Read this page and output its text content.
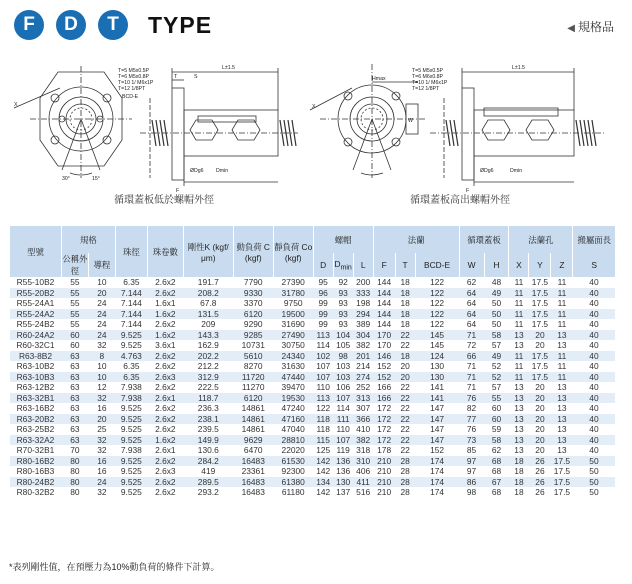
F	D	T	TYPE	◀ 規格品
T=5 M5x0.5P
T=6 M5x0.8P
T=10 1/ M6x1P
T=12 1/8PT
BCD-E
L±1.5
T	S
F
ØDg6 Dmin
X
30°	15°
T=5 M5x0.5P
T=6 M6x0.8P
T=10 1/ M6x1P
T=12 1/8PT
L±1.5
Hmax
W
ØDg6	Dmin
F
X
循環蓋板低於螺帽外徑	循環蓋板高出螺帽外徑
型號	規格		珠徑	珠卷數	剛性K (kgf/μm)	動負荷 C (kgf)	靜負荷 Co (kgf)	螺帽			法蘭			循環蓋板		法蘭孔			搬屬面長
	公稱外徑	導程						D	$D_{min}$	L	F	T	BCD-E	W	H	X	Y	Z	S
R55-10B2	55	10	6.35	2.6x2	191.7	7790	27390	95	92	200	144	18	122	62	48	11	17.5	11	40
R55-20B2	55	20	7.144	2.6x2	208.2	9330	31780	96	93	333	144	18	122	64	49	11	17.5	11	40
R55-24A1	55	24	7.144	1.6x1	67.8	3370	9750	99	93	198	144	18	122	64	50	11	17.5	11	40
R55-24A2	55	24	7.144	1.6x2	131.5	6120	19500	99	93	294	144	18	122	64	50	11	17.5	11	40
R55-24B2	55	24	7.144	2.6x2	209	9290	31690	99	93	389	144	18	122	64	50	11	17.5	11	40
R60-24A2	60	24	9.525	1.6x2	143.3	9285	27490	113	104	304	170	22	145	71	58	13	20	13	40
R60-32C1	60	32	9.525	3.6x1	162.9	10731	30750	114	105	382	170	22	145	72	57	13	20	13	40
R63-8B2	63	8	4.763	2.6x2	202.2	5610	24340	102	98	201	146	18	124	66	49	11	17.5	11	40
R63-10B2	63	10	6.35	2.6x2	212.2	8270	31630	107	103	214	152	20	130	71	52	11	17.5	11	40
R63-10B3	63	10	6.35	2.6x3	312.9	11720	47440	107	103	274	152	20	130	71	52	11	17.5	11	40
R63-12B2	63	12	7.938	2.6x2	222.5	11270	39470	110	106	252	166	22	141	71	57	13	20	13	40
R63-32B1	63	32	7.938	2.6x1	118.7	6120	19530	113	107	313	166	22	141	76	55	13	20	13	40
R63-16B2	63	16	9.525	2.6x2	236.3	14861	47240	122	114	307	172	22	147	82	60	13	20	13	40
R63-20B2	63	20	9.525	2.6x2	238.1	14861	47160	118	111	366	172	22	147	77	60	13	20	13	40
R63-25B2	63	25	9.525	2.6x2	239.5	14861	47040	118	110	410	172	22	147	76	59	13	20	13	40
R63-32A2	63	32	9.525	1.6x2	149.9	9629	28810	115	107	382	172	22	147	73	58	13	20	13	40
R70-32B1	70	32	7.938	2.6x1	130.6	6470	22020	125	119	318	178	22	152	85	62	13	20	13	40
R80-16B2	80	16	9.525	2.6x2	284.2	16483	61530	142	136	310	210	28	174	97	68	18	26	17.5	50
R80-16B3	80	16	9.525	2.6x3	419	23361	92300	142	136	406	210	28	174	97	68	18	26	17.5	50
R80-24B2	80	24	9.525	2.6x2	289.5	16483	61380	134	130	411	210	28	174	86	67	18	26	17.5	50
R80-32B2	80	32	9.525	2.6x2	293.2	16483	61180	142	137	516	210	28	174	98	68	18	26	17.5	50
*表列剛性值，在預壓力為10%動負荷的條件下計算。
